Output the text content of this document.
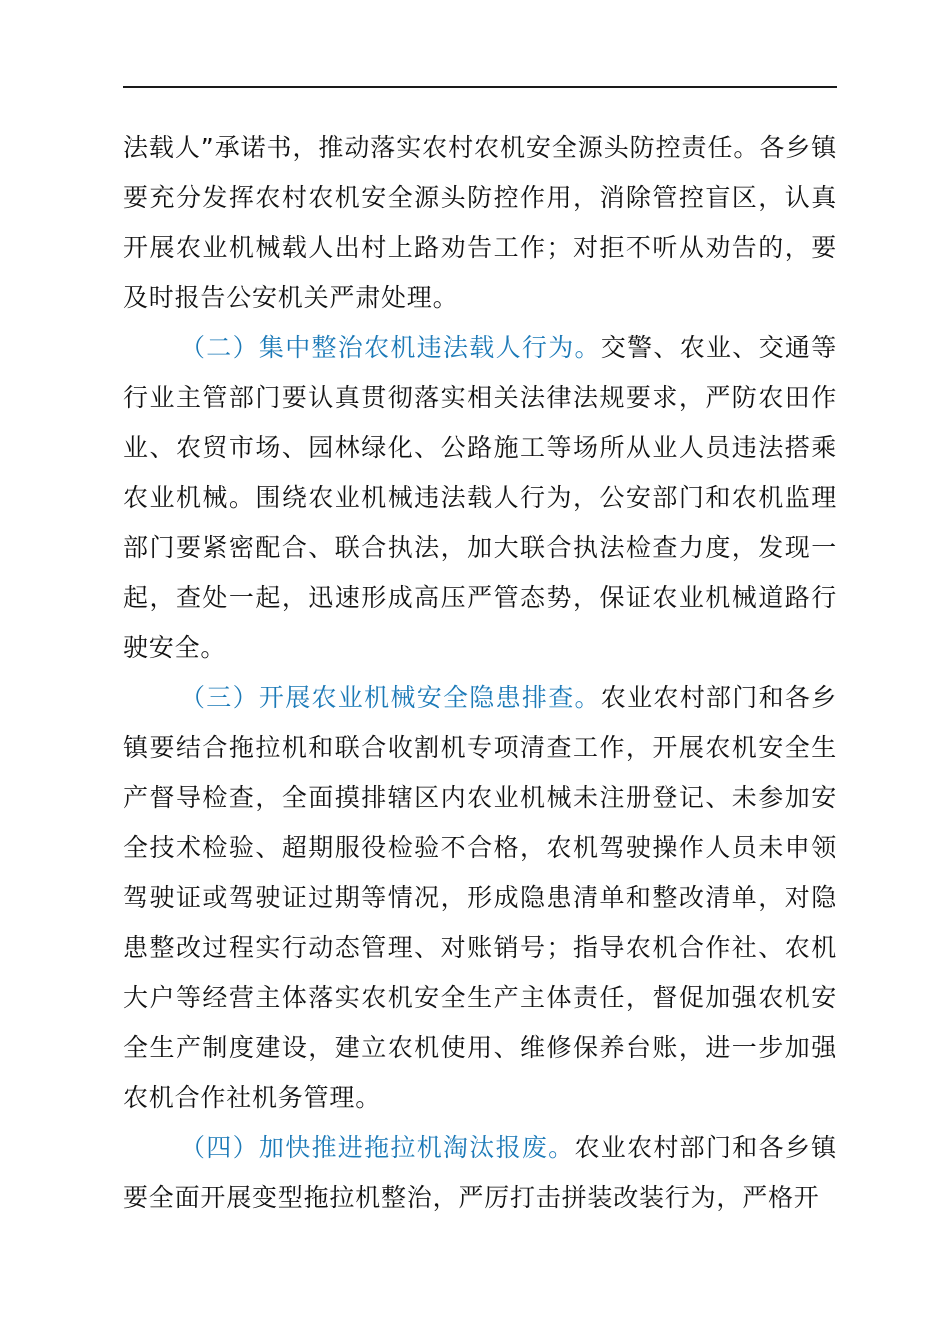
法载人”承诺书，推动落实农村农机安全源头防控责任。各乡镇要充分发挥农村农机安全源头防控作用，消除管控盲区，认真开展农业机械载人出村上路劝告工作；对拒不听从劝告的，要及时报告公安机关严肃处理。

（二）集中整治农机违法载人行为。交警、农业、交通等行业主管部门要认真贯彻落实相关法律法规要求，严防农田作业、农贸市场、园林绿化、公路施工等场所从业人员违法搭乘农业机械。围绕农业机械违法载人行为，公安部门和农机监理部门要紧密配合、联合执法，加大联合执法检查力度，发现一起，查处一起，迅速形成高压严管态势，保证农业机械道路行驶安全。

（三）开展农业机械安全隐患排查。农业农村部门和各乡镇要结合拖拉机和联合收割机专项清查工作，开展农机安全生产督导检查，全面摸排辖区内农业机械未注册登记、未参加安全技术检验、超期服役检验不合格，农机驾驶操作人员未申领驾驶证或驾驶证过期等情况，形成隐患清单和整改清单，对隐患整改过程实行动态管理、对账销号；指导农机合作社、农机大户等经营主体落实农机安全生产主体责任，督促加强农机安全生产制度建设，建立农机使用、维修保养台账，进一步加强农机合作社机务管理。

（四）加快推进拖拉机淘汰报废。农业农村部门和各乡镇要全面开展变型拖拉机整治，严厉打击拼装改装行为，严格开
